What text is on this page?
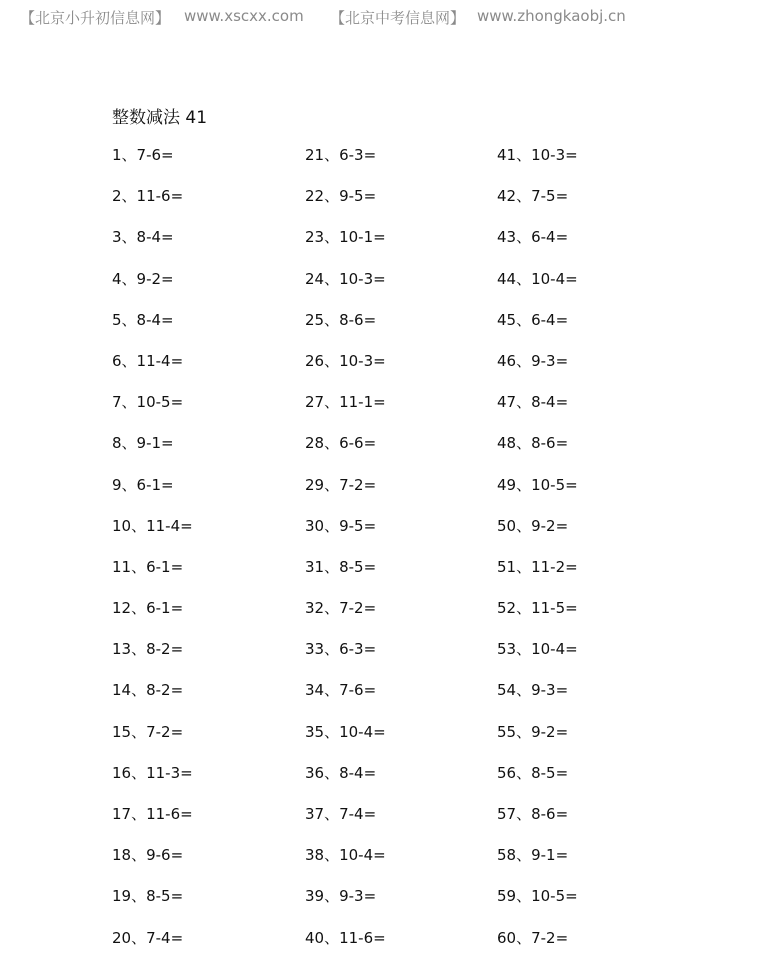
【北京小升初信息网】 www.xscxx.com 【北京中考信息网】 www.zhongkaobj.cn
整数减法 41
1、7-6=	21、6-3=	41、10-3=
2、11-6=	22、9-5=	42、7-5=
3、8-4=	23、10-1=	43、6-4=
4、9-2=	24、10-3=	44、10-4=
5、8-4=	25、8-6=	45、6-4=
6、11-4=	26、10-3=	46、9-3=
7、10-5=	27、11-1=	47、8-4=
8、9-1=	28、6-6=	48、8-6=
9、6-1=	29、7-2=	49、10-5=
10、11-4=	30、9-5=	50、9-2=
11、6-1=	31、8-5=	51、11-2=
12、6-1=	32、7-2=	52、11-5=
13、8-2=	33、6-3=	53、10-4=
14、8-2=	34、7-6=	54、9-3=
15、7-2=	35、10-4=	55、9-2=
16、11-3=	36、8-4=	56、8-5=
17、11-6=	37、7-4=	57、8-6=
18、9-6=	38、10-4=	58、9-1=
19、8-5=	39、9-3=	59、10-5=
20、7-4=	40、11-6=	60、7-2=
